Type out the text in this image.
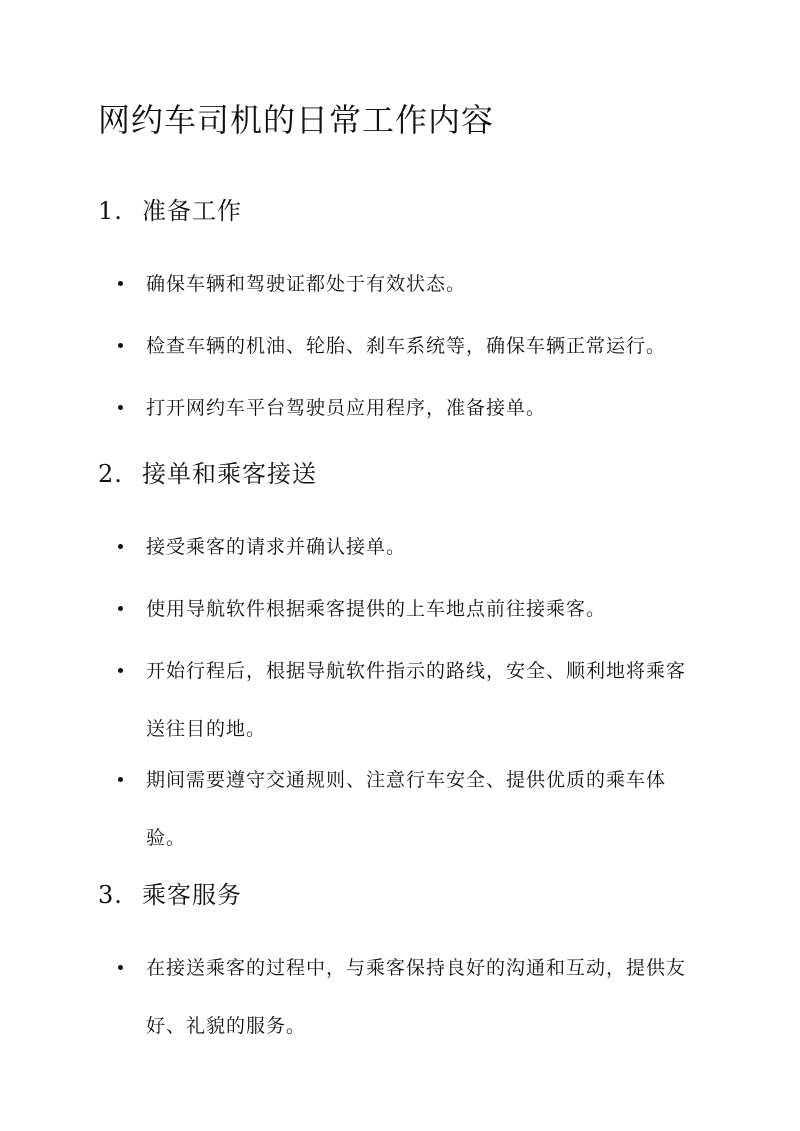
网约车司机的日常工作内容
1. 准备工作
确保车辆和驾驶证都处于有效状态。
检查车辆的机油、轮胎、刹车系统等，确保车辆正常运行。
打开网约车平台驾驶员应用程序，准备接单。
2. 接单和乘客接送
接受乘客的请求并确认接单。
使用导航软件根据乘客提供的上车地点前往接乘客。
开始行程后，根据导航软件指示的路线，安全、顺利地将乘客送往目的地。
期间需要遵守交通规则、注意行车安全、提供优质的乘车体验。
3. 乘客服务
在接送乘客的过程中，与乘客保持良好的沟通和互动，提供友好、礼貌的服务。
